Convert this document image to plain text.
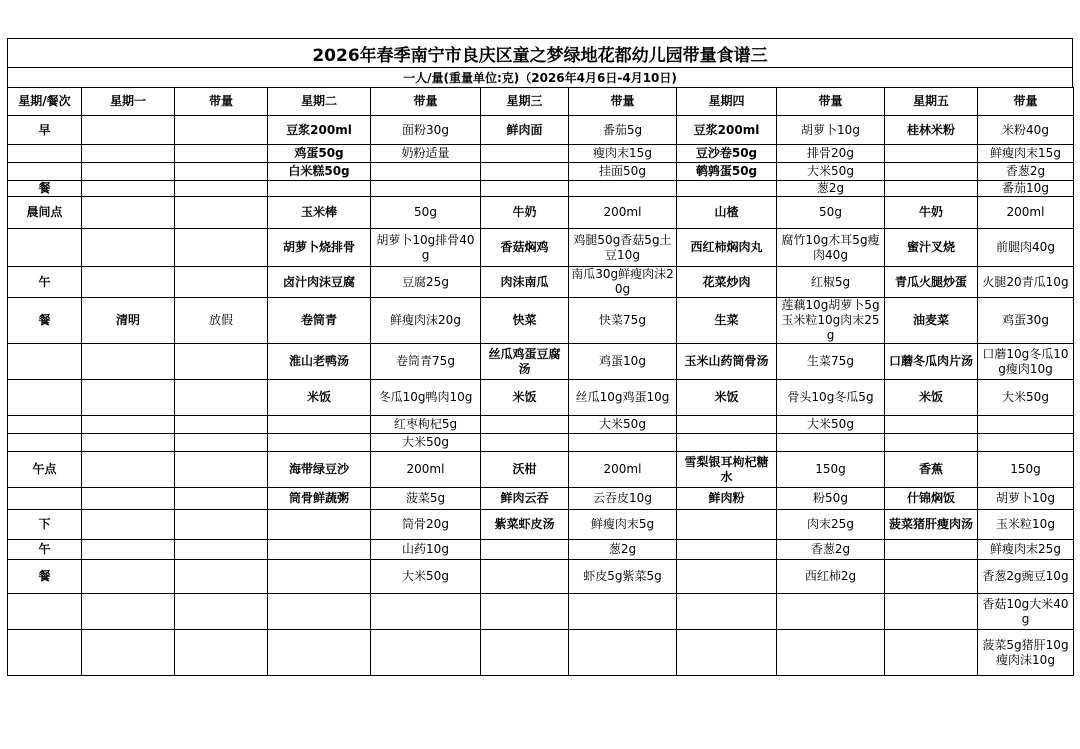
2026年春季南宁市良庆区童之梦绿地花都幼儿园带量食谱三
一人/量(重量单位:克)（2026年4月6日-4月10日)
星期/餐次	星期一	带量	星期二	带量	星期三	带量	星期四	带量	星期五	带量
早			豆浆200ml	面粉30g	鲜肉面	番茄5g	豆浆200ml	胡萝卜10g	桂林米粉	米粉40g
			鸡蛋50g	奶粉适量		瘦肉末15g	豆沙卷50g	排骨20g		鲜瘦肉末15g
			白米糕50g			挂面50g	鹌鹑蛋50g	大米50g		香葱2g
餐								葱2g		番茄10g
晨间点			玉米棒	50g	牛奶	200ml	山楂	50g	牛奶	200ml
			胡萝卜烧排骨	胡萝卜10g排骨40g	香菇焖鸡	鸡腿50g香菇5g土豆10g	西红柿焖肉丸	腐竹10g木耳5g瘦肉40g	蜜汁叉烧	前腿肉40g
午			卤汁肉沫豆腐	豆腐25g	肉沫南瓜	南瓜30g鲜瘦肉沫20g	花菜炒肉	红椒5g	青瓜火腿炒蛋	火腿20青瓜10g
餐	清明	放假	卷筒青	鲜瘦肉沫20g	快菜	快菜75g	生菜	莲藕10g胡萝卜5g玉米粒10g肉末25g	油麦菜	鸡蛋30g
			淮山老鸭汤	卷筒青75g	丝瓜鸡蛋豆腐汤	鸡蛋10g	玉米山药筒骨汤	生菜75g	口蘑冬瓜肉片汤	口蘑10g冬瓜10g瘦肉10g
			米饭	冬瓜10g鸭肉10g	米饭	丝瓜10g鸡蛋10g	米饭	骨头10g冬瓜5g	米饭	大米50g
				红枣枸杞5g		大米50g		大米50g		
				大米50g						
午点			海带绿豆沙	200ml	沃柑	200ml	雪梨银耳枸杞糖水	150g	香蕉	150g
			筒骨鲜蔬粥	菠菜5g	鲜肉云吞	云吞皮10g	鲜肉粉	粉50g	什锦焖饭	胡萝卜10g
下				筒骨20g	紫菜虾皮汤	鲜瘦肉末5g		肉末25g	菠菜猪肝瘦肉汤	玉米粒10g
午				山药10g		葱2g		香葱2g		鲜瘦肉末25g
餐				大米50g		虾皮5g紫菜5g		西红柿2g		香葱2g豌豆10g
										香菇10g大米40g
										菠菜5g猪肝10g瘦肉沫10g
